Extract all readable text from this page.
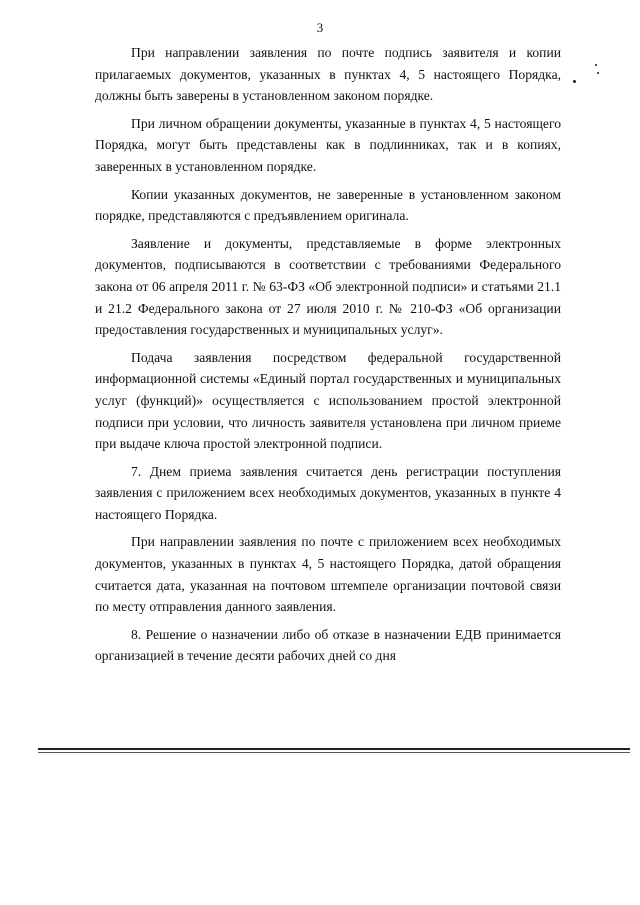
3

При направлении заявления по почте подпись заявителя и копии прилагаемых документов, указанных в пунктах 4, 5 настоящего Порядка, должны быть заверены в установленном законом порядке.

При личном обращении документы, указанные в пунктах 4, 5 настоящего Порядка, могут быть представлены как в подлинниках, так и в копиях, заверенных в установленном порядке.

Копии указанных документов, не заверенные в установленном законом порядке, представляются с предъявлением оригинала.

Заявление и документы, представляемые в форме электронных документов, подписываются в соответствии с требованиями Федерального закона от 06 апреля 2011 г. № 63-ФЗ «Об электронной подписи» и статьями 21.1 и 21.2 Федерального закона от 27 июля 2010 г. № 210-ФЗ «Об организации предоставления государственных и муниципальных услуг».

Подача заявления посредством федеральной государственной информационной системы «Единый портал государственных и муниципальных услуг (функций)» осуществляется с использованием простой электронной подписи при условии, что личность заявителя установлена при личном приеме при выдаче ключа простой электронной подписи.

7. Днем приема заявления считается день регистрации поступления заявления с приложением всех необходимых документов, указанных в пункте 4 настоящего Порядка.

При направлении заявления по почте с приложением всех необходимых документов, указанных в пунктах 4, 5 настоящего Порядка, датой обращения считается дата, указанная на почтовом штемпеле организации почтовой связи по месту отправления данного заявления.

8. Решение о назначении либо об отказе в назначении ЕДВ принимается организацией в течение десяти рабочих дней со дня
